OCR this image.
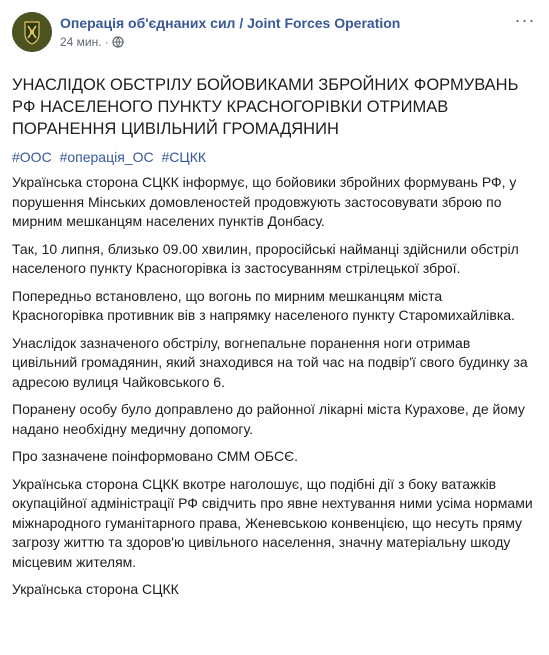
Операція об'єднаних сил / Joint Forces Operation
24 мин. ·
···
УНАСЛІДОК ОБСТРІЛУ БОЙОВИКАМИ ЗБРОЙНИХ ФОРМУВАНЬ РФ НАСЕЛЕНОГО ПУНКТУ КРАСНОГОРІВКИ ОТРИМАВ ПОРАНЕННЯ ЦИВІЛЬНИЙ ГРОМАДЯНИН
#ООС #операція_ОС #СЦКК

Українська сторона СЦКК інформує, що бойовики збройних формувань РФ, у порушення Мінських домовленостей продовжують застосовувати зброю по мирним мешканцям населених пунктів Донбасу.

Так, 10 липня, близько 09.00 хвилин, проросійські найманці здійснили обстріл населеного пункту Красногорівка із застосуванням стрілецької зброї.

Попередньо встановлено, що вогонь по мирним мешканцям міста Красногорівка противник вів з напрямку населеного пункту Старомихайлівка.

Унаслідок зазначеного обстрілу, вогнепальне поранення ноги отримав цивільний громадянин, який знаходився на той час на подвір'ї свого будинку за адресою вулиця Чайковського 6.

Поранену особу було доправлено до районної лікарні міста Курахове, де йому надано необхідну медичну допомогу.

Про зазначене поінформовано СММ ОБСЄ.

Українська сторона СЦКК вкотре наголошує, що подібні дії з боку ватажків окупаційної адміністрації РФ свідчить про явне нехтування ними усіма нормами міжнародного гуманітарного права, Женевською конвенцією, що несуть пряму загрозу життю та здоров'ю цивільного населення, значну матеріальну шкоду місцевим жителям.

Українська сторона СЦКК
